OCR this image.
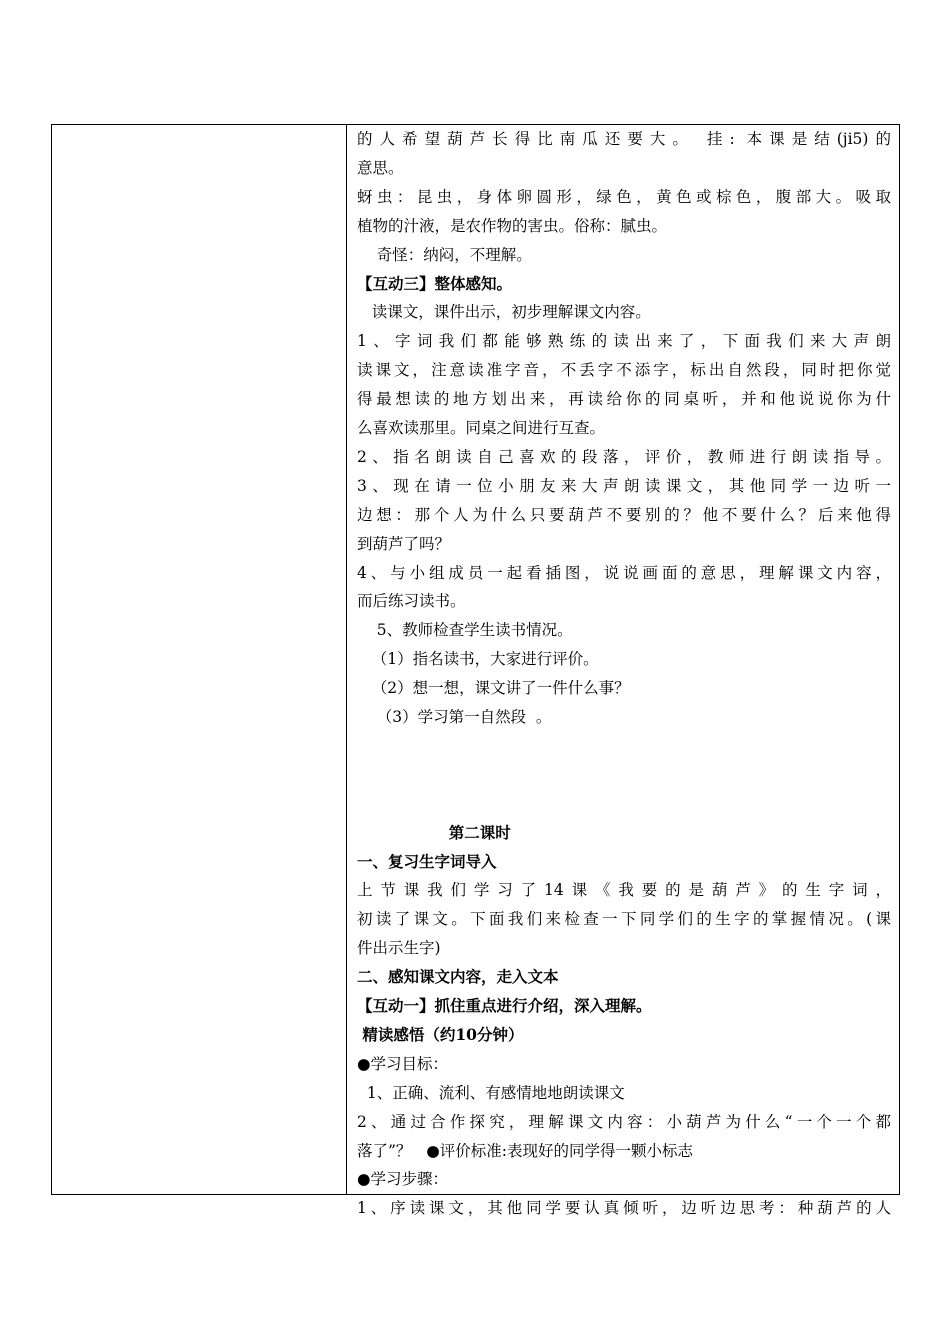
的人希望葫芦长得比南瓜还要大。 挂: 本课是结(ji5)的
意思。
蚜虫：昆虫，身体卵圆形，绿色，黄色或棕色，腹部大。吸取
植物的汁液，是农作物的害虫。俗称：腻虫。
奇怪：纳闷，不理解。
【互动三】整体感知。
读课文，课件出示，初步理解课文内容。
1、字词我们都能够熟练的读出来了，下面我们来大声朗
读课文，注意读准字音，不丢字不添字，标出自然段，同时把你觉
得最想读的地方划出来，再读给你的同桌听，并和他说说你为什
么喜欢读那里。同桌之间进行互查。
2、指名朗读自己喜欢的段落，评价，教师进行朗读指导。
3、现在请一位小朋友来大声朗读课文，其他同学一边听一
边想：那个人为什么只要葫芦不要别的？他不要什么？后来他得
到葫芦了吗？
4、与小组成员一起看插图，说说画面的意思，理解课文内容，
而后练习读书。
5、教师检查学生读书情况。
（1）指名读书，大家进行评价。
（2）想一想，课文讲了一件什么事？
（3）学习第一自然段  。
第二课时
一、复习生字词导入
上节课我们学习了14课《我要的是葫芦》的生字词，
初读了课文。下面我们来检查一下同学们的生字的掌握情况。(课
件出示生字)
二、感知课文内容，走入文本
【互动一】抓住重点进行介绍，深入理解。
精读感悟（约10分钟）
●学习目标：
1、正确、流利、有感情地地朗读课文
2、通过合作探究，理解课文内容：小葫芦为什么“一个一个都
落了”？   ●评价标准:表现好的同学得一颗小标志
●学习步骤：
1、序读课文，其他同学要认真倾听，边听边思考：种葫芦的人
